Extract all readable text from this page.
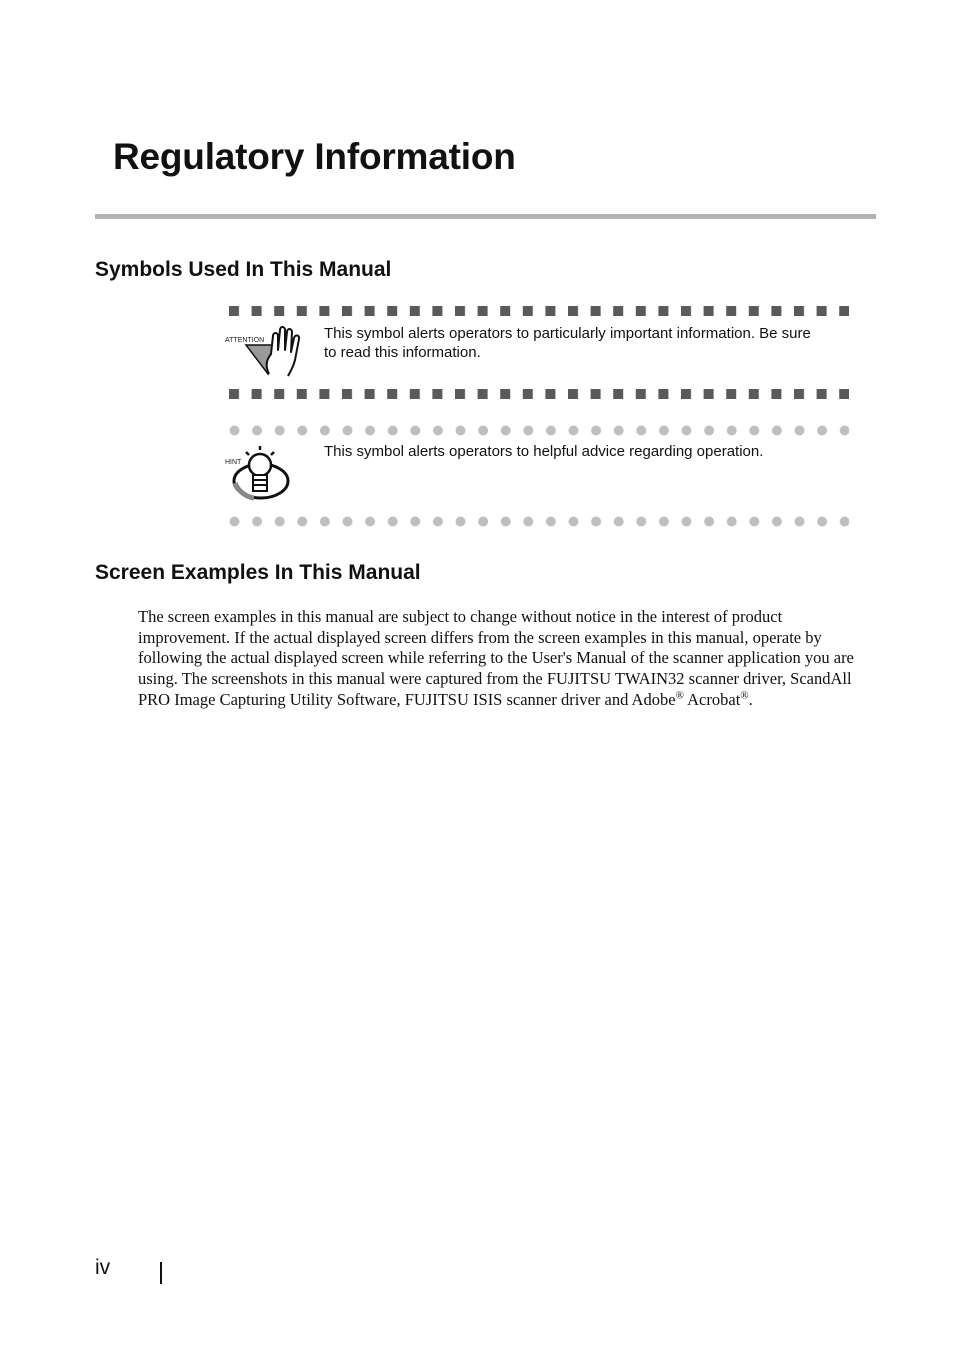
Regulatory Information
Symbols Used In This Manual
ATTENTION	This symbol alerts operators to particularly important information. Be sure to read this information.

HINT

This symbol alerts operators to helpful advice regarding operation.

Screen Examples In This Manual

The screen examples in this manual are subject to change without notice in the interest of product improvement. If the actual displayed screen differs from the screen examples in this manual, operate by following the actual displayed screen while referring to the User's Manual of the scanner application you are using. The screenshots in this manual were captured from the FUJITSU TWAIN32 scanner driver, ScandAll PRO Image Capturing Utility Software, FUJITSU ISIS scanner driver and Adobe® Acrobat®.

iv
